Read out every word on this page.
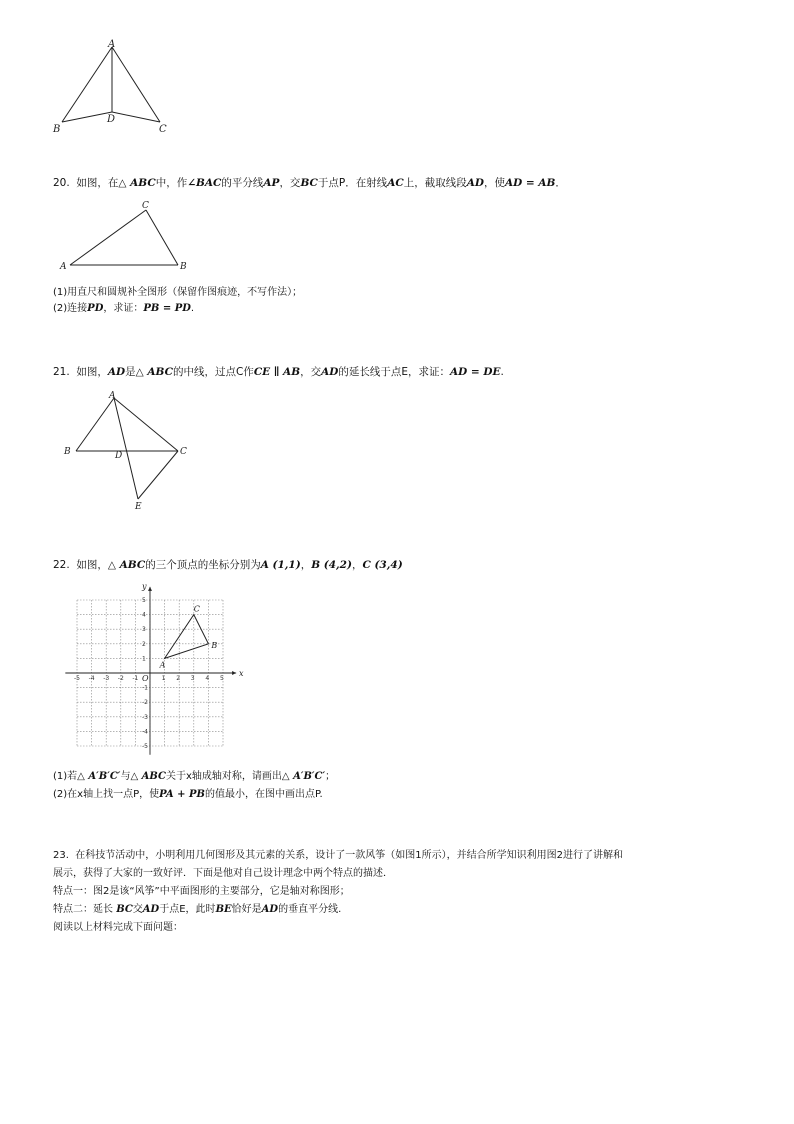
A
B
D
C
20. 如图，在△ ABC中，作∠BAC的平分线AP，交BC于点P．在射线AC上，截取线段AD，使AD = AB．
C
A	B
(1)用直尺和圆规补全图形（保留作图痕迹，不写作法）；
(2)连接PD，求证：PB = PD.
21. 如图，AD是△ ABC的中线，过点C作CE ∥ AB，交AD的延长线于点E，求证：AD = DE.
A
B	D	C
E
22. 如图，△ ABC的三个顶点的坐标分别为A (1,1)，B (4,2)，C (3,4)
x
y
O
-5 -4 -3 -2 -1	1 2 3 4 5
5
4
3
2
1
-1
-2
-3
-4
-5
A
B
C
(1)若△ A′B′C′与△ ABC关于x轴成轴对称，请画出△ A′B′C′；
(2)在x轴上找一点P，使PA + PB的值最小，在图中画出点P.
23. 在科技节活动中，小明利用几何图形及其元素的关系，设计了一款风筝（如图1所示），并结合所学知识利用图2进行了讲解和
展示，获得了大家的一致好评．下面是他对自己设计理念中两个特点的描述．
特点一：图2是该“风筝”中平面图形的主要部分，它是轴对称图形；
特点二：延长 BC交AD于点E，此时BE恰好是AD的垂直平分线.
阅读以上材料完成下面问题：
